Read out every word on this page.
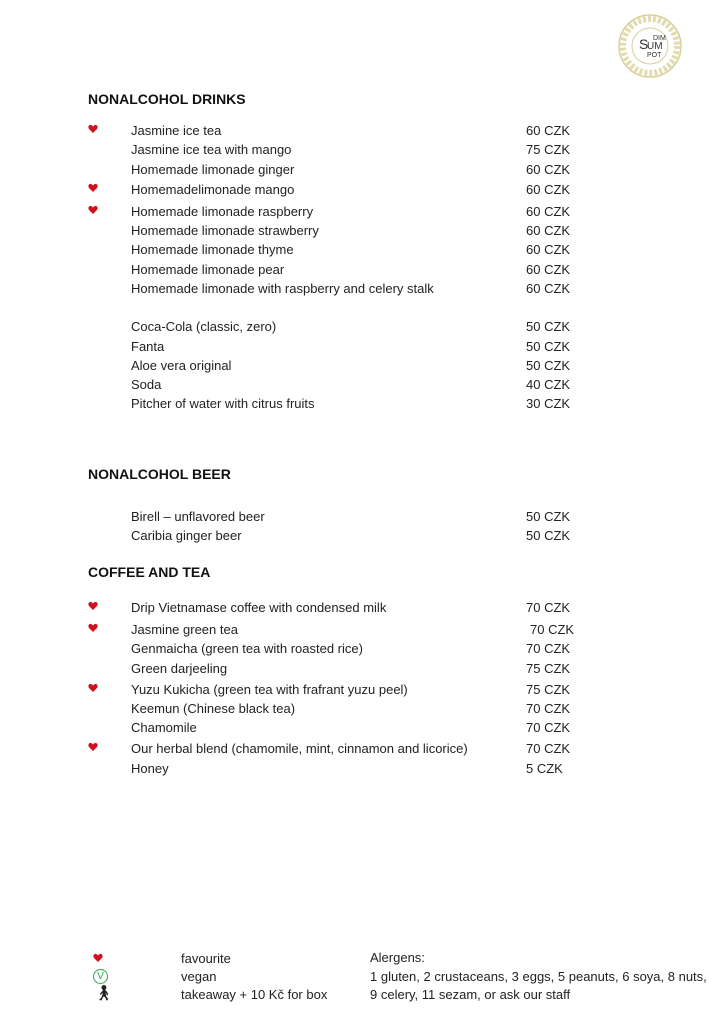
DIM
S
UM
POT
NONALCOHOL DRINKS
Jasmine ice tea	60 CZK
Jasmine ice tea with mango	75 CZK
Homemade limonade ginger	60 CZK
Homemadelimonade mango	60 CZK
Homemade limonade raspberry	60 CZK
Homemade limonade strawberry	60 CZK
Homemade limonade thyme	60 CZK
Homemade limonade pear	60 CZK
Homemade limonade with raspberry and celery stalk	60 CZK
Coca-Cola (classic, zero)	50 CZK
Fanta	50 CZK
Aloe vera original	50 CZK
Soda	40 CZK
Pitcher of water with citrus fruits	30 CZK
NONALCOHOL BEER
Birell – unflavored beer	50 CZK
Caribia ginger beer	50 CZK
COFFEE AND TEA
Drip Vietnamase coffee with condensed milk	70 CZK
Jasmine green tea	70 CZK
Genmaicha (green tea with roasted rice)	70 CZK
Green darjeeling	75 CZK
Yuzu Kukicha (green tea with frafrant yuzu peel)	75 CZK
Keemun (Chinese black tea)	70 CZK
Chamomile	70 CZK
Our herbal blend (chamomile, mint, cinnamon and licorice)	70 CZK
Honey	5 CZK
favourite
V	vegan
🚶︎	takeaway + 10 Kč for box
Alergens:
1 gluten, 2 crustaceans, 3 eggs, 5 peanuts, 6 soya, 8 nuts,
9 celery, 11 sezam, or ask our staff
